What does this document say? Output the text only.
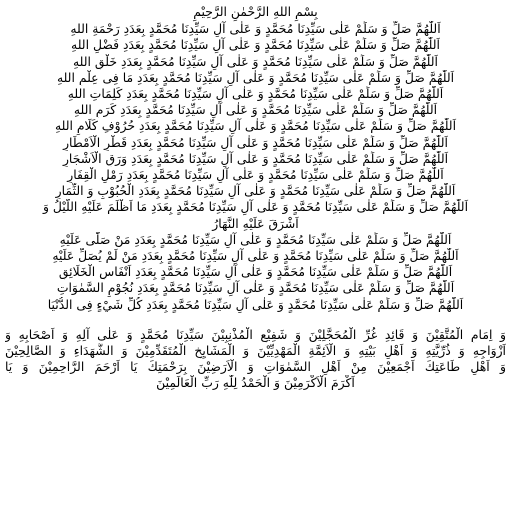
بِسْمِ اللهِ الرَّحْمٰنِ الرَّحِيْمِ
اَللّٰهُمَّ صَلِّ وَ سَلِّمْ عَلٰى سَيِّدِنَا مُحَمَّدٍ وَ عَلٰى آلِ سَيِّدِنَا مُحَمَّدٍ بِعَدَدِ رَحْمَةِ اللهِ
اَللّٰهُمَّ صَلِّ وَ سَلِّمْ عَلٰى سَيِّدِنَا مُحَمَّدٍ وَ عَلٰى آلِ سَيِّدِنَا مُحَمَّدٍ بِعَدَدِ فَضْلِ اللهِ
اَللّٰهُمَّ صَلِّ وَ سَلِّمْ عَلٰى سَيِّدِنَا مُحَمَّدٍ وَ عَلٰى آلِ سَيِّدِنَا مُحَمَّدٍ بِعَدَدِ خَلْقِ اللهِ
اَللّٰهُمَّ صَلِّ وَ سَلِّمْ عَلٰى سَيِّدِنَا مُحَمَّدٍ وَ عَلٰى آلِ سَيِّدِنَا مُحَمَّدٍ بِعَدَدِ مَا فِى عِلْمِ اللهِ
اَللّٰهُمَّ صَلِّ وَ سَلِّمْ عَلٰى سَيِّدِنَا مُحَمَّدٍ وَ عَلٰى آلِ سَيِّدِنَا مُحَمَّدٍ بِعَدَدِ كَلِمَاتِ اللهِ
اَللّٰهُمَّ صَلِّ وَ سَلِّمْ عَلٰى سَيِّدِنَا مُحَمَّدٍ وَ عَلٰى آلِ سَيِّدِنَا مُحَمَّدٍ بِعَدَدِ كَرَمِ اللهِ
اَللّٰهُمَّ صَلِّ وَ سَلِّمْ عَلٰى سَيِّدِنَا مُحَمَّدٍ وَ عَلٰى آلِ سَيِّدِنَا مُحَمَّدٍ بِعَدَدِ حُرُوْفِ كَلَامِ اللهِ
اَللّٰهُمَّ صَلِّ وَ سَلِّمْ عَلٰى سَيِّدِنَا مُحَمَّدٍ وَ عَلٰى آلِ سَيِّدِنَا مُحَمَّدٍ بِعَدَدِ قَطْرِ الْاَمْطَارِ
اَللّٰهُمَّ صَلِّ وَ سَلِّمْ عَلٰى سَيِّدِنَا مُحَمَّدٍ وَ عَلٰى آلِ سَيِّدِنَا مُحَمَّدٍ بِعَدَدِ وَرَقِ الْاَشْجَارِ
اَللّٰهُمَّ صَلِّ وَ سَلِّمْ عَلٰى سَيِّدِنَا مُحَمَّدٍ وَ عَلٰى آلِ سَيِّدِنَا مُحَمَّدٍ بِعَدَدِ رَمْلِ الْقِفَارِ
اَللّٰهُمَّ صَلِّ وَ سَلِّمْ عَلٰى سَيِّدِنَا مُحَمَّدٍ وَ عَلٰى آلِ سَيِّدِنَا مُحَمَّدٍ بِعَدَدِ الْحُبُوْبِ وَ الثِّمَارِ
اَللّٰهُمَّ صَلِّ وَ سَلِّمْ عَلٰى سَيِّدِنَا مُحَمَّدٍ وَ عَلٰى آلِ سَيِّدِنَا مُحَمَّدٍ بِعَدَدِ مَا اَظْلَمَ عَلَيْهِ اللَّيْلُ وَ
اَشْرَقَ عَلَيْهِ النَّهَارُ
اَللّٰهُمَّ صَلِّ وَ سَلِّمْ عَلٰى سَيِّدِنَا مُحَمَّدٍ وَ عَلٰى آلِ سَيِّدِنَا مُحَمَّدٍ بِعَدَدِ مَنْ صَلّٰى عَلَيْهِ
اَللّٰهُمَّ صَلِّ وَ سَلِّمْ عَلٰى سَيِّدِنَا مُحَمَّدٍ وَ عَلٰى آلِ سَيِّدِنَا مُحَمَّدٍ بِعَدَدِ مَنْ لَمْ يُصَلِّ عَلَيْهِ
اَللّٰهُمَّ صَلِّ وَ سَلِّمْ عَلٰى سَيِّدِنَا مُحَمَّدٍ وَ عَلٰى آلِ سَيِّدِنَا مُحَمَّدٍ بِعَدَدِ اَنْفَاسِ الْخَلَائِقِ
اَللّٰهُمَّ صَلِّ وَ سَلِّمْ عَلٰى سَيِّدِنَا مُحَمَّدٍ وَ عَلٰى آلِ سَيِّدِنَا مُحَمَّدٍ بِعَدَدِ نُجُوْمِ السَّمٰوَاتِ
اَللّٰهُمَّ صَلِّ وَ سَلِّمْ عَلٰى سَيِّدِنَا مُحَمَّدٍ وَ عَلٰى آلِ سَيِّدِنَا مُحَمَّدٍ بِعَدَدِ كُلِّ شَيْءٍ فِى الدُّنْيَا
وَ اِمَامِ الْمُتَّقِيْنَ وَ قَائِدِ غُرِّ الْمُحَجَّلِيْنَ وَ شَفِيْعِ الْمُذْنِبِيْنَ سَيِّدِنَا مُحَمَّدٍ وَ عَلٰى آلِهِ وَ اَصْحَابِهِ وَ
اَزْوَاجِهِ وَ ذُرِّيَّتِهِ وَ اَهْلِ بَيْتِهِ وَ الْاَئِمَّةِ الْمَهْدِيِّيْنَ وَ الْمَشَايِخِ الْمُتَقَدِّمِيْنَ وَ الشُّهَدَاءِ وَ الصَّالِحِيْنَ
وَ اَهْلِ طَاعَتِكَ اَجْمَعِيْنَ مِنْ اَهْلِ السَّمٰوَاتِ وَ الْاَرَضِيْنَ بِرَحْمَتِكَ يَا اَرْحَمَ الرَّاحِمِيْنَ وَ يَا
اَكْرَمَ الْاَكْرَمِيْنَ وَ الْحَمْدُ لِلّٰهِ رَبِّ الْعَالَمِيْنَ
